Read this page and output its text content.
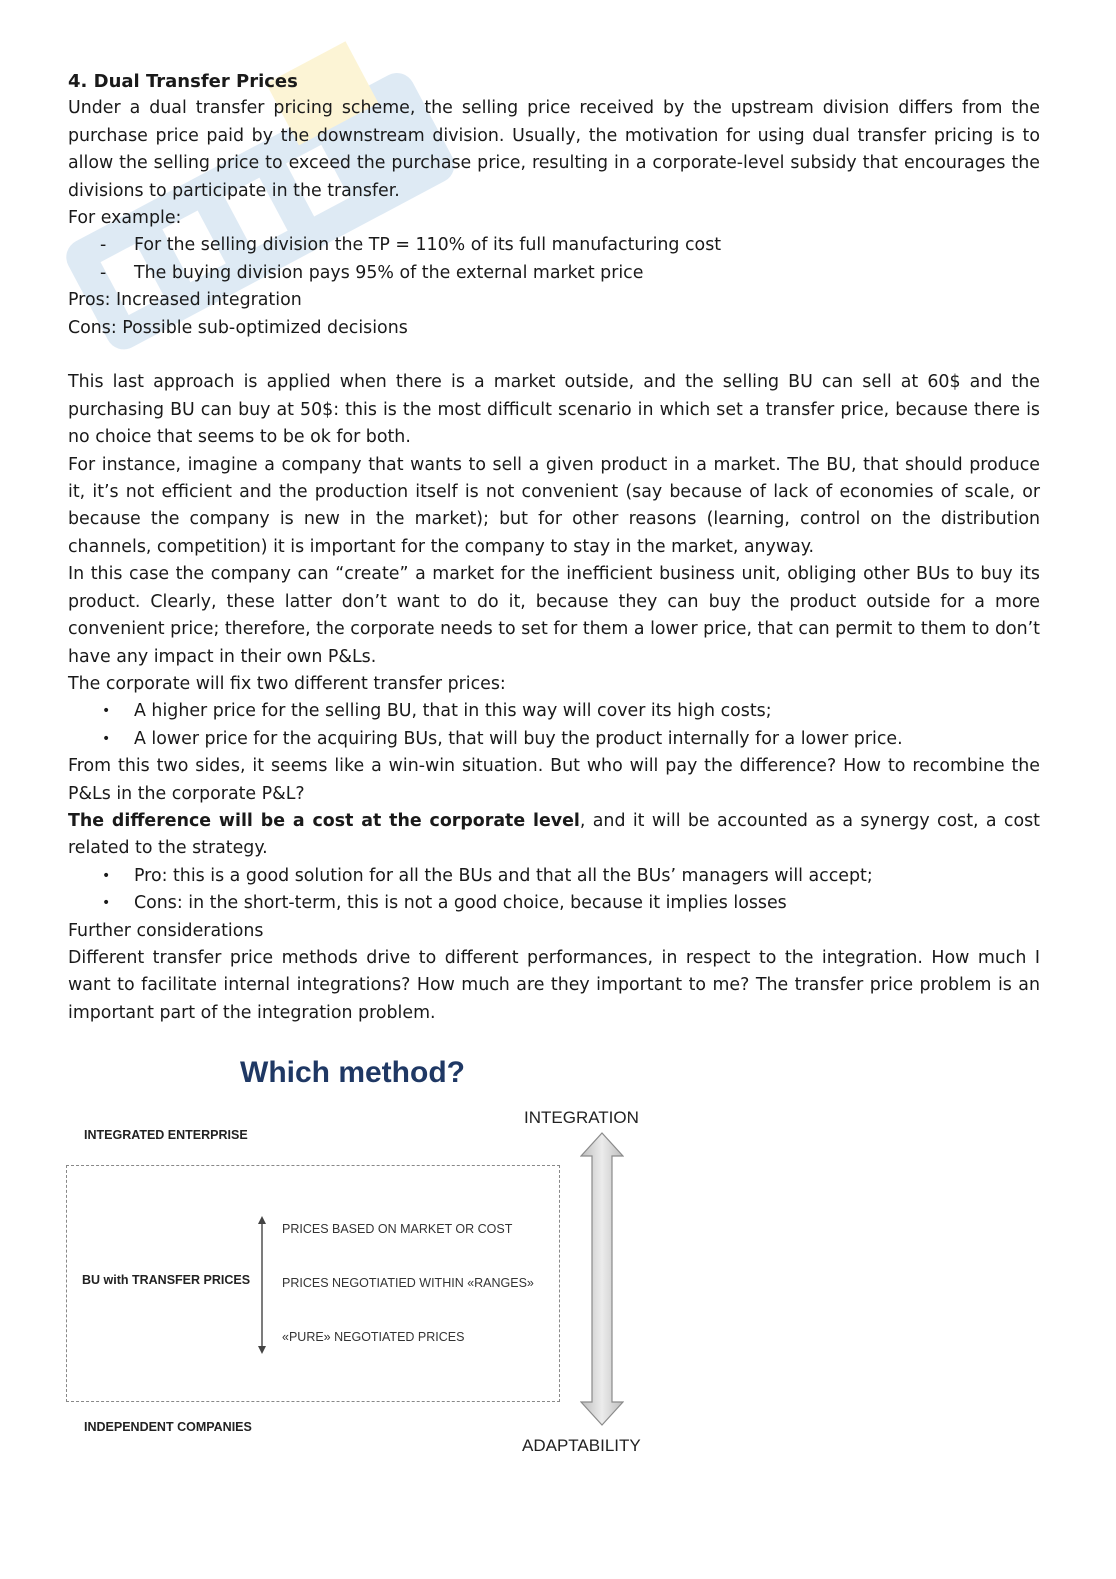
4. Dual Transfer Prices

Under a dual transfer pricing scheme, the selling price received by the upstream division differs from the purchase price paid by the downstream division. Usually, the motivation for using dual transfer pricing is to allow the selling price to exceed the purchase price, resulting in a corporate-level subsidy that encourages the divisions to participate in the transfer.

For example:

- For the selling division the TP = 110% of its full manufacturing cost
- The buying division pays 95% of the external market price

Pros: Increased integration

Cons: Possible sub-optimized decisions

This last approach is applied when there is a market outside, and the selling BU can sell at 60$ and the purchasing BU can buy at 50$: this is the most difficult scenario in which set a transfer price, because there is no choice that seems to be ok for both.

For instance, imagine a company that wants to sell a given product in a market. The BU, that should produce it, it’s not efficient and the production itself is not convenient (say because of lack of economies of scale, or because the company is new in the market); but for other reasons (learning, control on the distribution channels, competition) it is important for the company to stay in the market, anyway.

In this case the company can “create” a market for the inefficient business unit, obliging other BUs to buy its product. Clearly, these latter don’t want to do it, because they can buy the product outside for a more convenient price; therefore, the corporate needs to set for them a lower price, that can permit to them to don’t have any impact in their own P&Ls.

The corporate will fix two different transfer prices:

• A higher price for the selling BU, that in this way will cover its high costs;
• A lower price for the acquiring BUs, that will buy the product internally for a lower price.

From this two sides, it seems like a win-win situation. But who will pay the difference? How to recombine the P&Ls in the corporate P&L?

The difference will be a cost at the corporate level, and it will be accounted as a synergy cost, a cost related to the strategy.

• Pro: this is a good solution for all the BUs and that all the BUs’ managers will accept;
• Cons: in the short-term, this is not a good choice, because it implies losses

Further considerations

Different transfer price methods drive to different performances, in respect to the integration. How much I want to facilitate internal integrations? How much are they important to me? The transfer price problem is an important part of the integration problem.

Which method?
INTEGRATED ENTERPRISE
INTEGRATION
BU with TRANSFER PRICES
PRICES BASED ON MARKET OR COST
PRICES NEGOTIATIED WITHIN «RANGES»
«PURE» NEGOTIATED PRICES
INDEPENDENT COMPANIES
ADAPTABILITY
